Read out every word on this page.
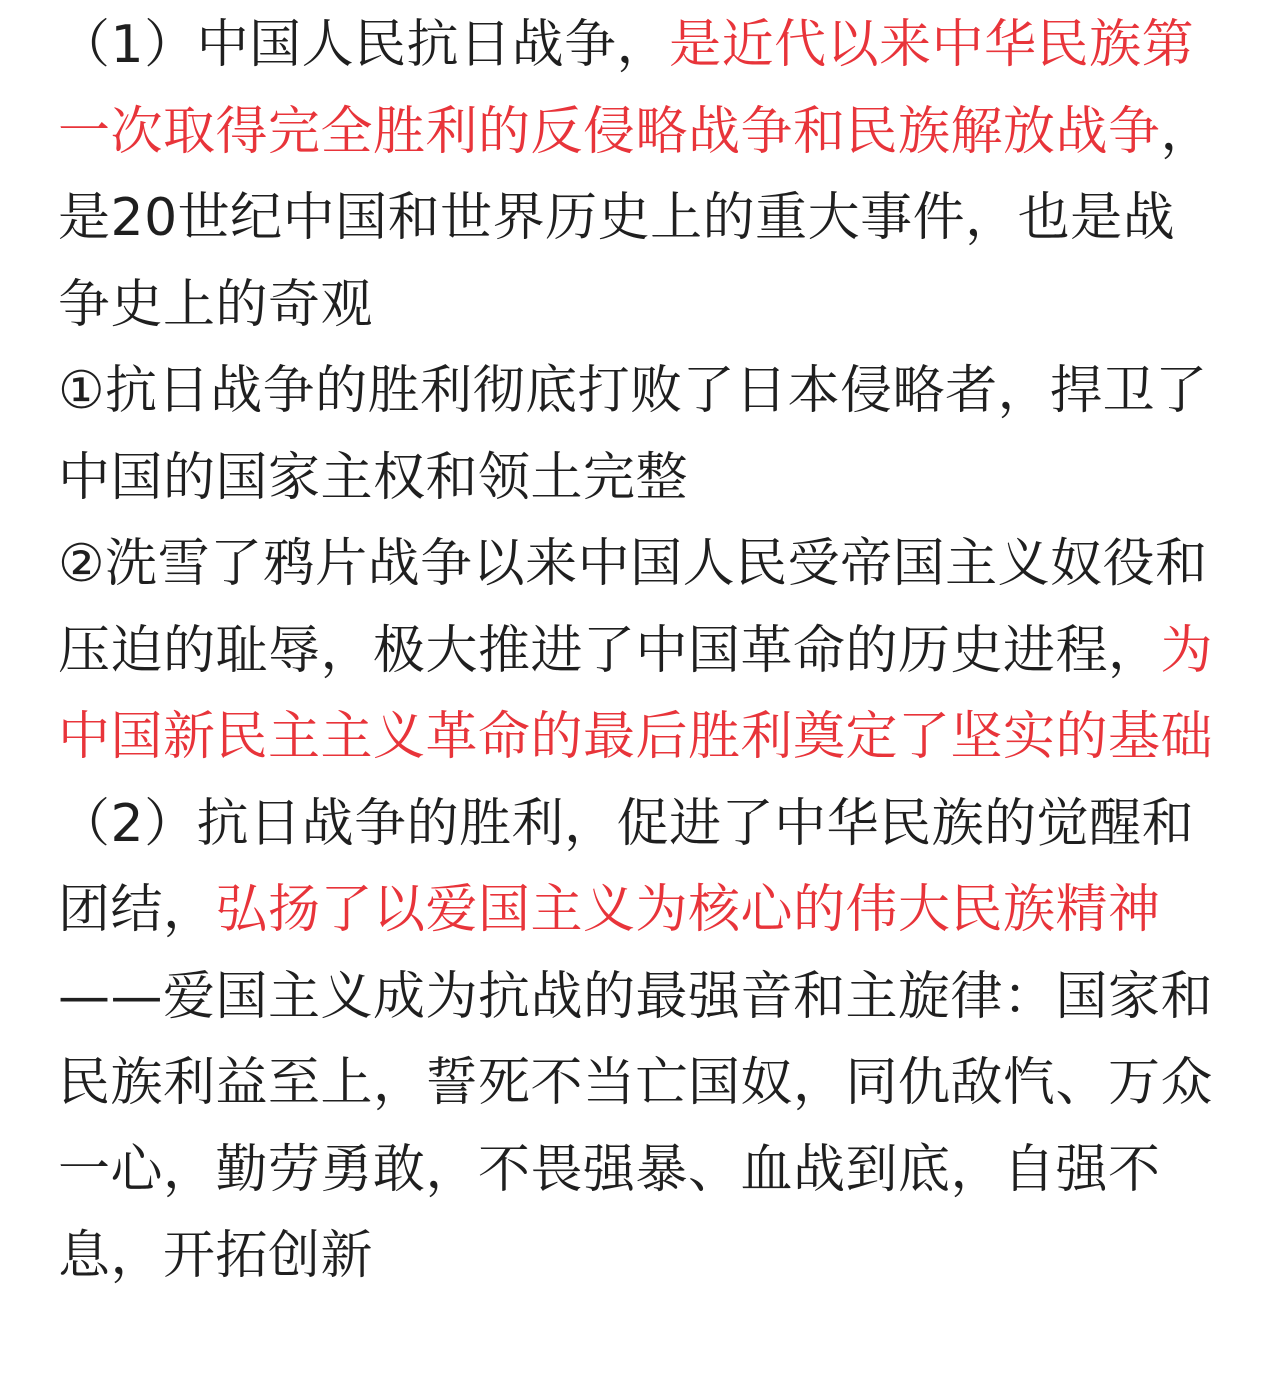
（1）中国人民抗日战争，是近代以来中华民族第一次取得完全胜利的反侵略战争和民族解放战争，是20世纪中国和世界历史上的重大事件，也是战争史上的奇观

①抗日战争的胜利彻底打败了日本侵略者，捍卫了中国的国家主权和领土完整

②洗雪了鸦片战争以来中国人民受帝国主义奴役和压迫的耻辱，极大推进了中国革命的历史进程，为中国新民主主义革命的最后胜利奠定了坚实的基础

（2）抗日战争的胜利，促进了中华民族的觉醒和团结，弘扬了以爱国主义为核心的伟大民族精神

——爱国主义成为抗战的最强音和主旋律：国家和民族利益至上，誓死不当亡国奴，同仇敌忾、万众一心，勤劳勇敢，不畏强暴、血战到底，自强不息，开拓创新
